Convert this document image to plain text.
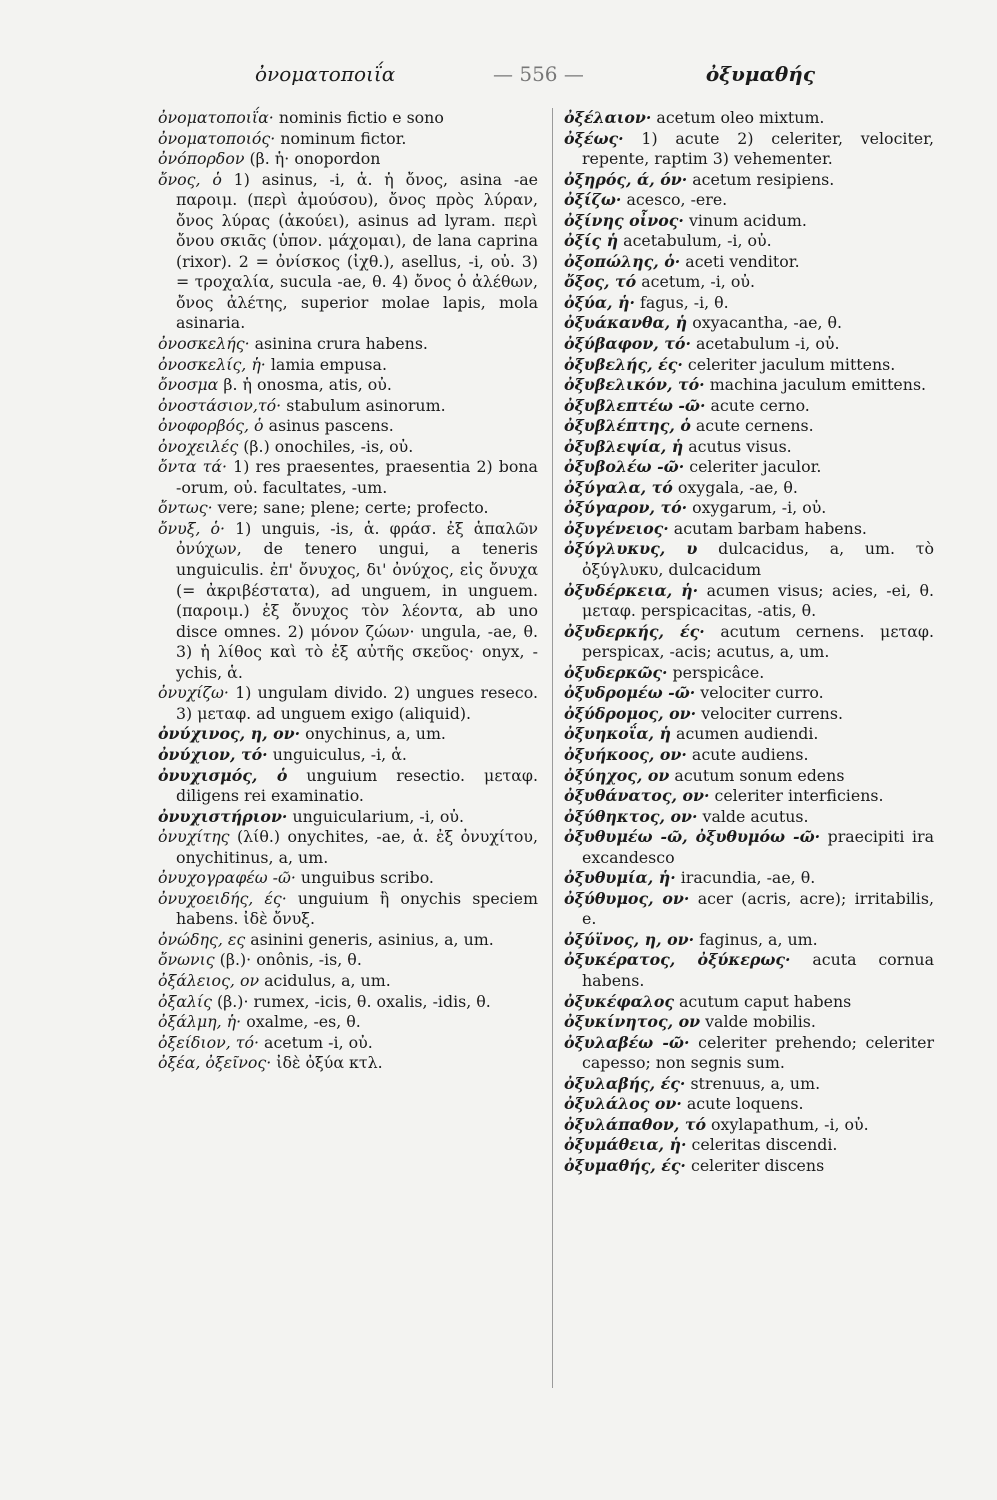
ὀνοματοποιΐα	— 556 —	ὀξυμαθής

ὀνοματοποιΐα· nominis fictio e sono

ὀνοματοποιός· nominum fictor.

ὀνόπορδον (β. ἡ· onopordon

ὄνος, ὁ 1) asinus, -i, ἁ. ἡ ὄνος, asina -ae παροιμ. (περὶ ἀμούσου), ὄνος πρὸς λύραν, ὄνος λύρας (ἀκούει), asinus ad lyram. περὶ ὄνου σκιᾶς (ὑπον. μάχομαι), de lana caprina (rixor). 2 = ὀνίσκος (ἰχθ.), asellus, -i, οὐ. 3) = τροχαλία, sucula -ae, θ. 4) ὄνος ὁ ἀλέθων, ὄνος ἀλέτης, superior molae lapis, mola asinaria.

ὀνοσκελής· asinina crura habens.

ὀνοσκελίς, ἡ· lamia empusa.

ὄνοσμα β. ἡ onosma, atis, οὐ.

ὀνοστάσιον,τό· stabulum asinorum.

ὀνοφορβός, ὁ asinus pascens.

ὀνοχειλές (β.) onochiles, -is, οὐ.

ὄντα τά· 1) res praesentes, praesentia 2) bona -orum, οὐ. facultates, -um.

ὄντως· vere; sane; plene; certe; profecto.

ὄνυξ, ὁ· 1) unguis, -is, ἁ. φράσ. ἐξ ἁπαλῶν ὀνύχων, de tenero ungui, a teneris unguiculis. ἐπ' ὄνυχος, δι' ὀνύχος, εἰς ὄνυχα (= ἀκριβέστατα), ad unguem, in unguem. (παροιμ.) ἐξ ὄνυχος τὸν λέοντα, ab uno disce omnes. 2) μόνον ζώων· ungula, -ae, θ. 3) ἡ λίθος καὶ τὸ ἐξ αὐτῆς σκεῦος· onyx, -ychis, ἁ.

ὀνυχίζω· 1) ungulam divido. 2) ungues reseco. 3) μεταφ. ad unguem exigo (aliquid).

ὀνύχινος, η, ον· onychinus, a, um.

ὀνύχιον, τό· unguiculus, -i, ἁ.

ὀνυχισμός, ὁ unguium resectio. μεταφ. diligens rei examinatio.

ὀνυχιστήριον· unguicularium, -i, οὐ.

ὀνυχίτης (λίθ.) onychites, -ae, ἁ. ἐξ ὀνυχίτου, onychitinus, a, um.

ὀνυχογραφέω -ῶ· unguibus scribo.

ὀνυχοειδής, ές· unguium ἢ onychis speciem habens. ἰδὲ ὄνυξ.

ὀνώδης, ες asinini generis, asinius, a, um.

ὄνωνις (β.)· onônis, -is, θ.

ὀξάλειος, ον acidulus, a, um.

ὀξαλίς (β.)· rumex, -icis, θ. oxalis, -idis, θ.

ὀξάλμη, ἡ· oxalme, -es, θ.

ὀξείδιον, τό· acetum -i, οὐ.

ὀξέα, ὀξεῖνος· ἰδὲ ὀξύα κτλ.

ὀξέλαιον· acetum oleo mixtum.

ὀξέως· 1) acute 2) celeriter, velociter, repente, raptim 3) vehementer.

ὀξηρός, ά, όν· acetum resipiens.

ὀξίζω· acesco, -ere.

ὀξίνης οἶνος· vinum acidum.

ὀξίς ἡ acetabulum, -i, οὐ.

ὀξοπώλης, ὁ· aceti venditor.

ὄξος, τό acetum, -i, οὐ.

ὀξύα, ἡ· fagus, -i, θ.

ὀξυάκανθα, ἡ oxyacantha, -ae, θ.

ὀξύβαφον, τό· acetabulum -i, οὐ.

ὀξυβελής, ές· celeriter jaculum mittens.

ὀξυβελικόν, τό· machina jaculum emittens.

ὀξυβλεπτέω -ῶ· acute cerno.

ὀξυβλέπτης, ὁ acute cernens.

ὀξυβλεψία, ἡ acutus visus.

ὀξυβολέω -ῶ· celeriter jaculor.

ὀξύγαλα, τό oxygala, -ae, θ.

ὀξύγαρον, τό· oxygarum, -i, οὐ.

ὀξυγένειος· acutam barbam habens.

ὀξύγλυκυς, υ dulcacidus, a, um. τὸ ὀξύγλυκυ, dulcacidum

ὀξυδέρκεια, ἡ· acumen visus; acies, -ei, θ. μεταφ. perspicacitas, -atis, θ.

ὀξυδερκής, ές· acutum cernens. μεταφ. perspicax, -acis; acutus, a, um.

ὀξυδερκῶς· perspicâce.

ὀξυδρομέω -ῶ· velociter curro.

ὀξύδρομος, ον· velociter currens.

ὀξυηκοΐα, ἡ acumen audiendi.

ὀξυήκοος, ον· acute audiens.

ὀξύηχος, ον acutum sonum edens

ὀξυθάνατος, ον· celeriter interficiens.

ὀξύθηκτος, ον· valde acutus.

ὀξυθυμέω -ῶ, ὀξυθυμόω -ῶ· praecipiti ira excandesco

ὀξυθυμία, ἡ· iracundia, -ae, θ.

ὀξύθυμος, ον· acer (acris, acre); irritabilis, e.

ὀξύϊνος, η, ον· faginus, a, um.

ὀξυκέρατος, ὀξύκερως· acuta cornua habens.

ὀξυκέφαλος acutum caput habens

ὀξυκίνητος, ον valde mobilis.

ὀξυλαβέω -ῶ· celeriter prehendo; celeriter capesso; non segnis sum.

ὀξυλαβής, ές· strenuus, a, um.

ὀξυλάλος ον· acute loquens.

ὀξυλάπαθον, τό oxylapathum, -i, οὐ.

ὀξυμάθεια, ἡ· celeritas discendi.

ὀξυμαθής, ές· celeriter discens
